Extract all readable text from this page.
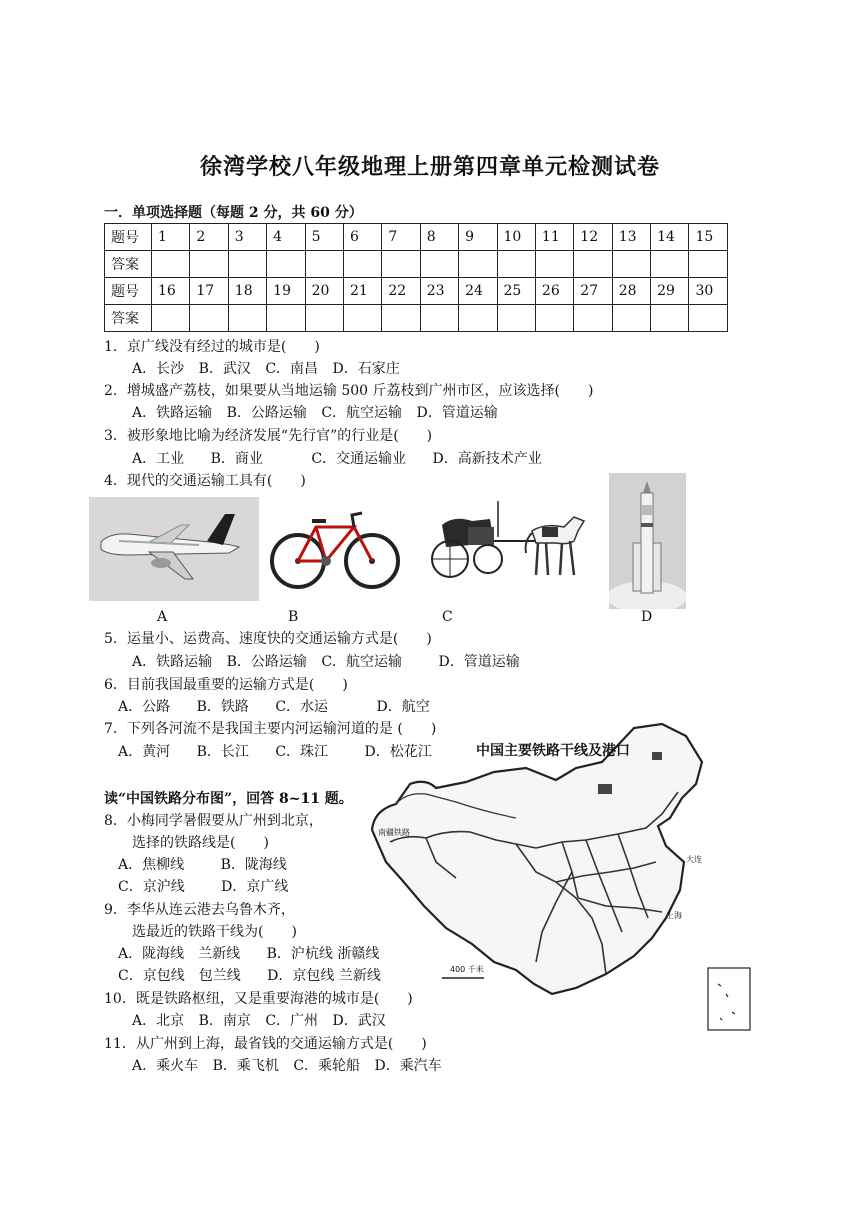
徐湾学校八年级地理上册第四章单元检测试卷
一．单项选择题（每题 2 分，共 60 分）
题号	1	2	3	4	5	6	7	8	9	10	11	12	13	14	15
答案															
题号	16	17	18	19	20	21	22	23	24	25	26	27	28	29	30
答案															
1．京广线没有经过的城市是(　　)
A．长沙 B．武汉 C．南昌 D．石家庄
2．增城盛产荔枝，如果要从当地运输 500 斤荔枝到广州市区，应该选择(　　)
A．铁路运输 B．公路运输 C．航空运输 D．管道运输
3．被形象地比喻为经济发展“先行官”的行业是(　　)
A．工业 B．商业	C．交通运输业 D．高新技术产业
4．现代的交通运输工具有(　　)
A	B	C	D
5．运量小、运费高、速度快的交通运输方式是(　　)
A．铁路运输 B．公路运输 C．航空运输	D．管道运输
6．目前我国最重要的运输方式是(　　)
A．公路 B．铁路 C．水运	D．航空
7．下列各河流不是我国主要内河运输河道的是 (　　)
A．黄河 B．长江 C．珠江	D．松花江
南疆铁路
上海
大连
400 千米
中国主要铁路干线及港口
读“中国铁路分布图”，回答 8~11 题。
8．小梅同学暑假要从广州到北京，
选择的铁路线是(　　)
A．焦柳线	B．陇海线
C．京沪线	D．京广线
9．李华从连云港去乌鲁木齐，
选最近的铁路干线为(　　)
A．陇海线　兰新线 B．沪杭线 浙赣线
C．京包线　包兰线 D．京包线 兰新线
10．既是铁路枢纽，又是重要海港的城市是(　　)
A．北京 B．南京 C．广州 D．武汉
11．从广州到上海，最省钱的交通运输方式是(　　)
A．乘火车 B．乘飞机 C．乘轮船 D．乘汽车
